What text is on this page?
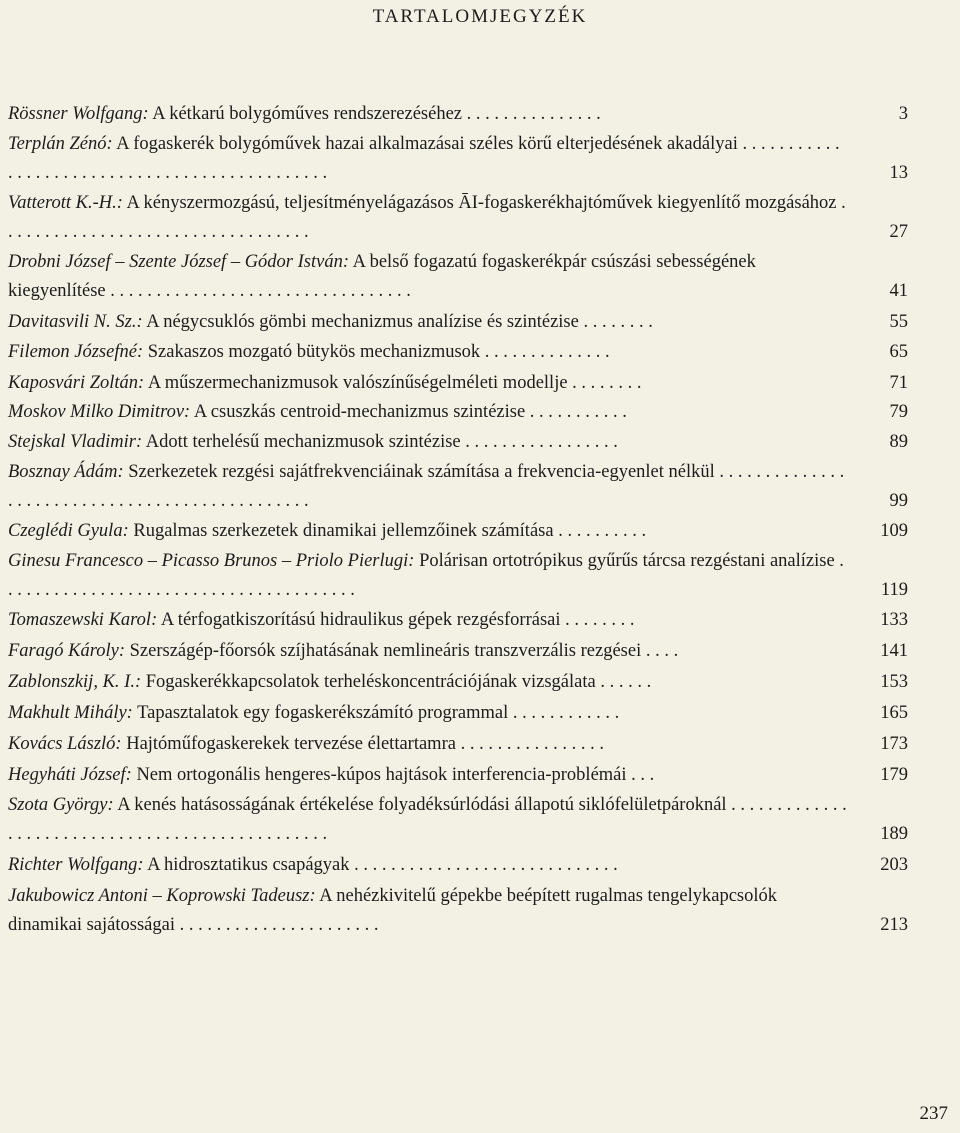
TARTALOMJEGYZÉK
Rössner Wolfgang: A kétkarú bolygóműves rendszerezéséhez . . . . . . . . . . . . . . .	3
Terplán Zénó: A fogaskerék bolygóművek hazai alkalmazásai széles körű elterjedésének akadályai . . . . . . . . . . . . . . . . . . . . . . . . . . . . . . . . . . . . . . . . . . . . . .	13
Vatterott K.-H.: A kényszermozgású, teljesítményelágazásos ĀI-fogaskerékhajtóművek kiegyenlítő mozgásához . . . . . . . . . . . . . . . . . . . . . . . . . . . . . . . . . .	27
Drobni József – Szente József – Gódor István: A belső fogazatú fogaskerékpár csúszási sebességének kiegyenlítése . . . . . . . . . . . . . . . . . . . . . . . . . . . . . . . . .	41
Davitasvili N. Sz.: A négycsuklós gömbi mechanizmus analízise és szintézise . . . . . . . .	55
Filemon Józsefné: Szakaszos mozgató bütykös mechanizmusok . . . . . . . . . . . . . .	65
Kaposvári Zoltán: A műszermechanizmusok valószínűségelméleti modellje . . . . . . . .	71
Moskov Milko Dimitrov: A csuszkás centroid-mechanizmus szintézise . . . . . . . . . . .	79
Stejskal Vladimir: Adott terhelésű mechanizmusok szintézise . . . . . . . . . . . . . . . . .	89
Bosznay Ádám: Szerkezetek rezgési sajátfrekvenciáinak számítása a frekvencia-egyenlet nélkül . . . . . . . . . . . . . . . . . . . . . . . . . . . . . . . . . . . . . . . . . . . . . . .	99
Czeglédi Gyula: Rugalmas szerkezetek dinamikai jellemzőinek számítása . . . . . . . . . .	109
Ginesu Francesco – Picasso Brunos – Priolo Pierlugi: Polárisan ortotrópikus gyűrűs tárcsa rezgéstani analízise . . . . . . . . . . . . . . . . . . . . . . . . . . . . . . . . . . . . . . .	119
Tomaszewski Karol: A térfogatkiszorítású hidraulikus gépek rezgésforrásai . . . . . . . .	133
Faragó Károly: Szerszágép-főorsók szíjhatásának nemlineáris transzverzális rezgései . . . .	141
Zablonszkij, K. I.: Fogaskerékkapcsolatok terheléskoncentrációjának vizsgálata . . . . . .	153
Makhult Mihály: Tapasztalatok egy fogaskerékszámító programmal . . . . . . . . . . . .	165
Kovács László: Hajtóműfogaskerekek tervezése élettartamra . . . . . . . . . . . . . . . .	173
Hegyháti József: Nem ortogonális hengeres-kúpos hajtások interferencia-problémái . . .	179
Szota György: A kenés hatásosságának értékelése folyadéksúrlódási állapotú siklófelületpároknál . . . . . . . . . . . . . . . . . . . . . . . . . . . . . . . . . . . . . . . . . . . . . . . .	189
Richter Wolfgang: A hidrosztatikus csapágyak . . . . . . . . . . . . . . . . . . . . . . . . . . . . .	203
Jakubowicz Antoni – Koprowski Tadeusz: A nehézkivitelű gépekbe beépített rugalmas tengelykapcsolók dinamikai sajátosságai . . . . . . . . . . . . . . . . . . . . . .	213
237
